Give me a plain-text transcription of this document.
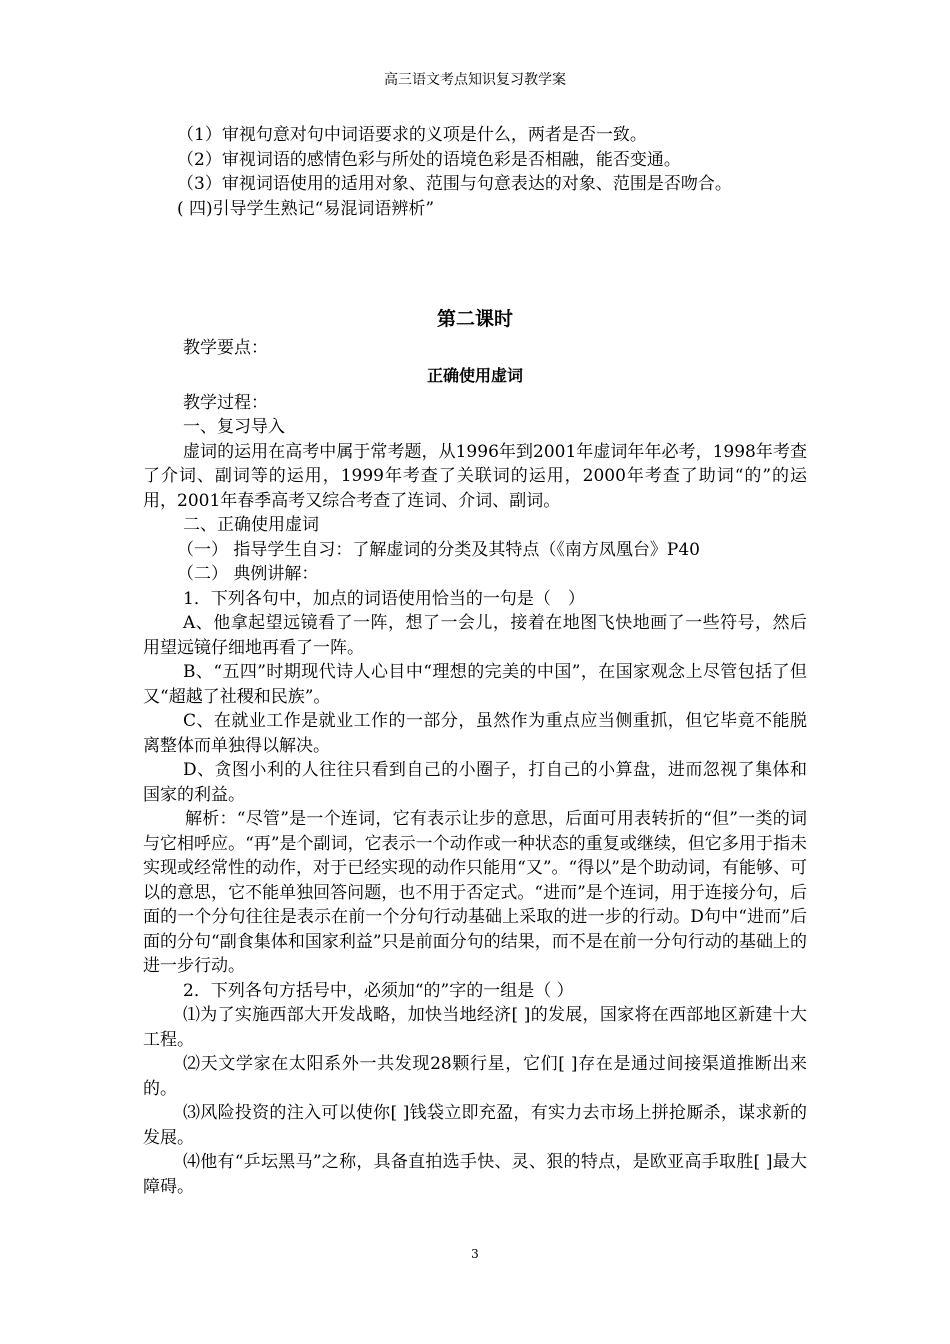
高三语文考点知识复习教学案

（1）审视句意对句中词语要求的义项是什么，两者是否一致。

（2）审视词语的感情色彩与所处的语境色彩是否相融，能否变通。

（3）审视词语使用的适用对象、范围与句意表达的对象、范围是否吻合。

( 四)引导学生熟记“易混词语辨析”

第二课时

教学要点：

正确使用虚词

教学过程：

一、复习导入

虚词的运用在高考中属于常考题，从1996年到2001年虚词年年必考，1998年考查了介词、副词等的运用，1999年考查了关联词的运用，2000年考查了助词“的”的运用，2001年春季高考又综合考查了连词、介词、副词。

二、正确使用虚词

（一） 指导学生自习：了解虚词的分类及其特点（《南方凤凰台》P40

（二） 典例讲解：

1．下列各句中，加点的词语使用恰当的一句是（　）

A、他拿起望远镜看了一阵，想了一会儿，接着在地图飞快地画了一些符号，然后用望远镜仔细地再看了一阵。

B、“五四”时期现代诗人心目中“理想的完美的中国”，在国家观念上尽管包括了但又“超越了社稷和民族”。

C、在就业工作是就业工作的一部分，虽然作为重点应当侧重抓，但它毕竟不能脱离整体而单独得以解决。

D、贪图小利的人往往只看到自己的小圈子，打自己的小算盘，进而忽视了集体和国家的利益。

解析：“尽管”是一个连词，它有表示让步的意思，后面可用表转折的“但”一类的词与它相呼应。“再”是个副词，它表示一个动作或一种状态的重复或继续，但它多用于指未实现或经常性的动作，对于已经实现的动作只能用“又”。“得以”是个助动词，有能够、可以的意思，它不能单独回答问题，也不用于否定式。“进而”是个连词，用于连接分句，后面的一个分句往往是表示在前一个分句行动基础上采取的进一步的行动。D句中“进而”后面的分句“副食集体和国家利益”只是前面分句的结果，而不是在前一分句行动的基础上的进一步行动。

2．下列各句方括号中，必须加“的”字的一组是（ ）

⑴为了实施西部大开发战略，加快当地经济[ ]的发展，国家将在西部地区新建十大工程。

⑵天文学家在太阳系外一共发现28颗行星，它们[ ]存在是通过间接渠道推断出来的。

⑶风险投资的注入可以使你[ ]钱袋立即充盈，有实力去市场上拼抢厮杀，谋求新的发展。

⑷他有“乒坛黑马”之称，具备直拍选手快、灵、狠的特点，是欧亚高手取胜[ ]最大障碍。

3
